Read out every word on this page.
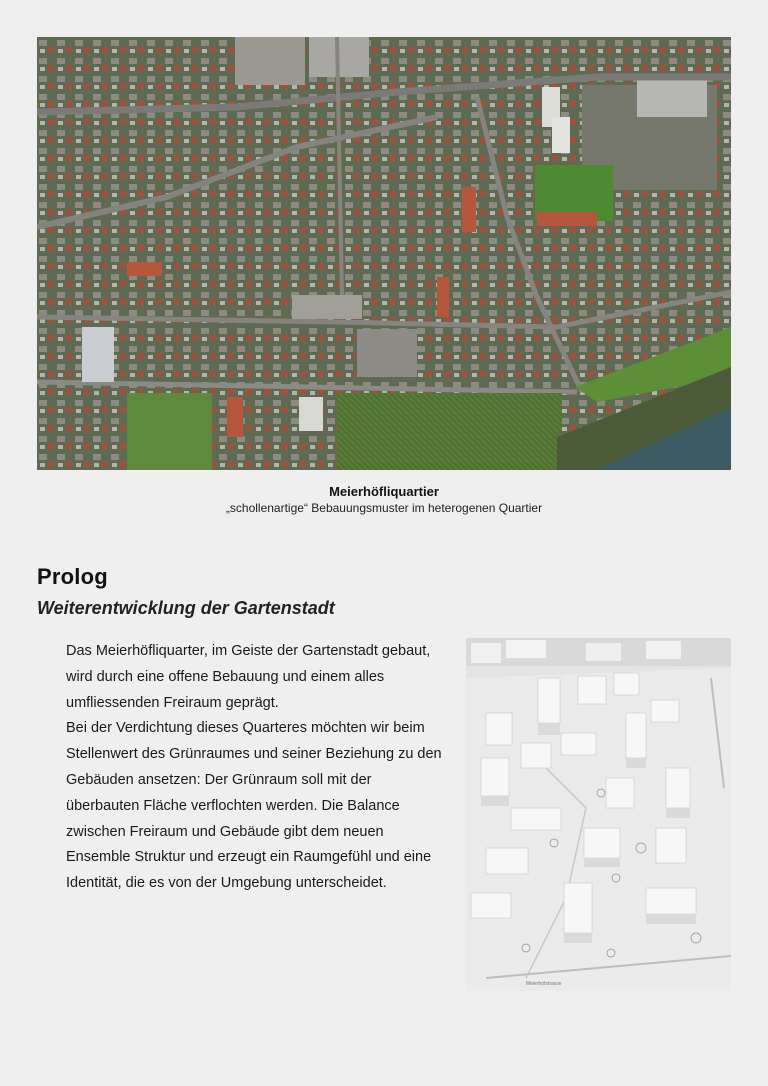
Meierhöfliquartier
„schollenartige“ Bebauungsmuster im heterogenen Quartier
Prolog
Weiterentwicklung der Gartenstadt

Das Meierhöfliquarter, im Geiste der Gartenstadt gebaut, wird durch eine offene Bebauung und einem alles umfliessenden Freiraum geprägt.

Bei der Verdichtung dieses Quarteres möchten wir beim Stellenwert des Grünraumes und seiner Beziehung zu den Gebäuden ansetzen: Der Grünraum soll mit der überbauten Fläche verflochten werden. Die Balance zwischen Freiraum und Gebäude gibt dem neuen Ensemble Struktur und erzeugt ein Raumgefühl und eine Identität, die es von der Umgebung unterscheidet.

Meierhöfstrasse
